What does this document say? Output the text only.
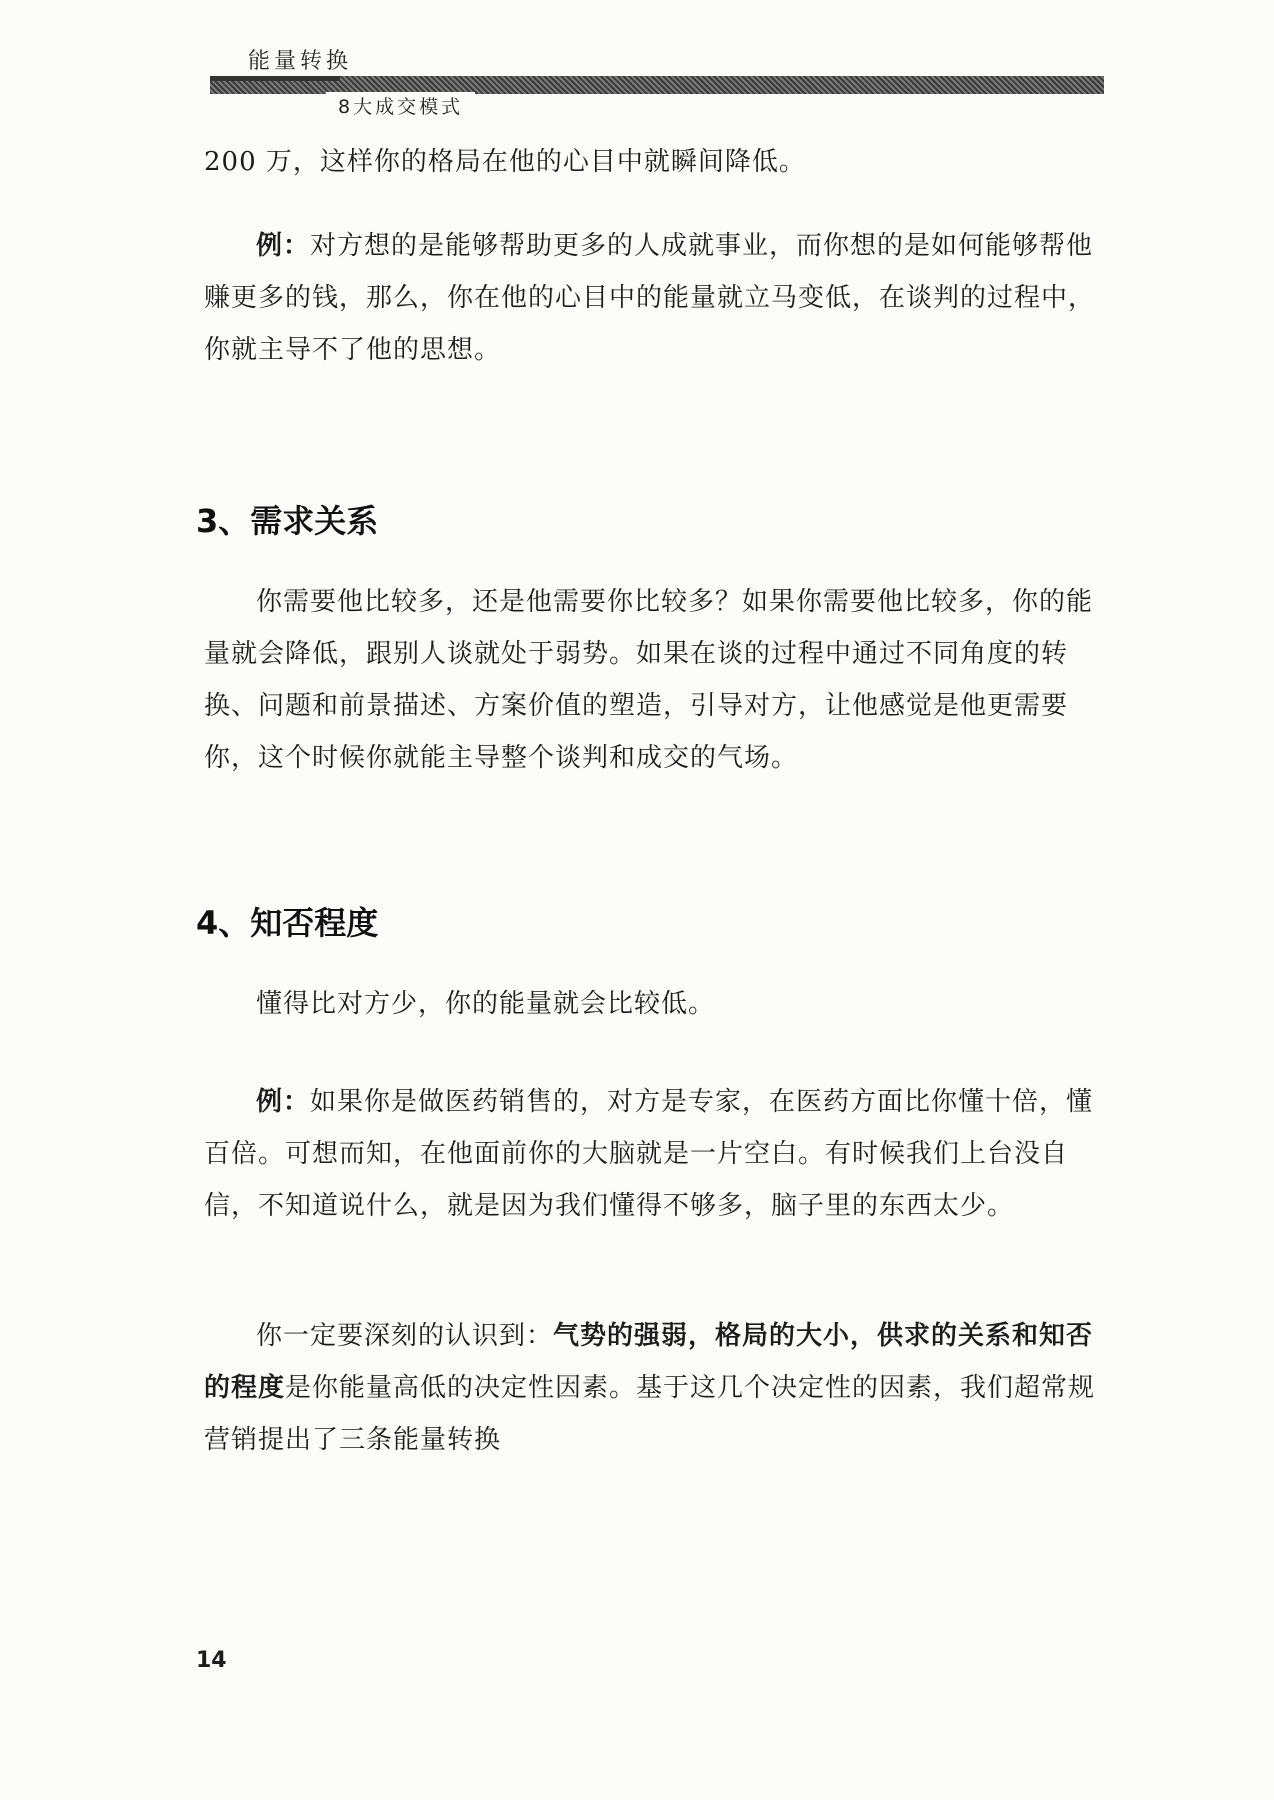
能量转换
8大成交模式

200 万，这样你的格局在他的心目中就瞬间降低。

例：对方想的是能够帮助更多的人成就事业，而你想的是如何能够帮他赚更多的钱，那么，你在他的心目中的能量就立马变低，在谈判的过程中，你就主导不了他的思想。

3、需求关系

你需要他比较多，还是他需要你比较多？如果你需要他比较多，你的能量就会降低，跟别人谈就处于弱势。如果在谈的过程中通过不同角度的转换、问题和前景描述、方案价值的塑造，引导对方，让他感觉是他更需要你，这个时候你就能主导整个谈判和成交的气场。

4、知否程度

懂得比对方少，你的能量就会比较低。

例：如果你是做医药销售的，对方是专家，在医药方面比你懂十倍，懂百倍。可想而知，在他面前你的大脑就是一片空白。有时候我们上台没自信，不知道说什么，就是因为我们懂得不够多，脑子里的东西太少。

你一定要深刻的认识到：气势的强弱，格局的大小，供求的关系和知否的程度是你能量高低的决定性因素。基于这几个决定性的因素，我们超常规营销提出了三条能量转换

14
